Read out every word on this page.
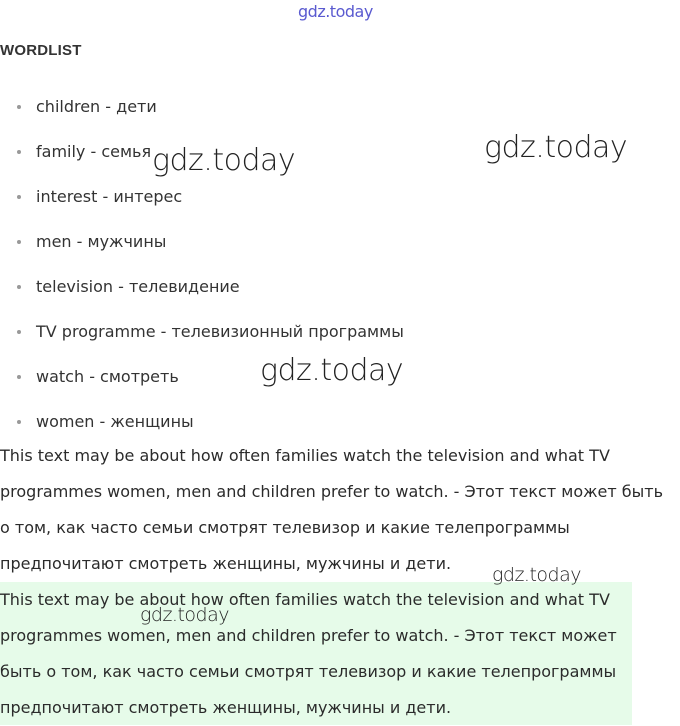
gdz.today
WORDLIST
children - дети
family - семья
interest - интерес
men - мужчины
television - телевидение
TV programme - телевизионный программы
watch - смотреть
women - женщины
This text may be about how often families watch the television and what TV programmes women, men and children prefer to watch. - Этот текст может быть о том, как часто семьи смотрят телевизор и какие телепрограммы предпочитают смотреть женщины, мужчины и дети.
This text may be about how often families watch the television and what TV programmes women, men and children prefer to watch. - Этот текст может быть о том, как часто семьи смотрят телевизор и какие телепрограммы предпочитают смотреть женщины, мужчины и дети.
gdz.today	gdz.today
gdz.today
gdz.today
gdz.today
